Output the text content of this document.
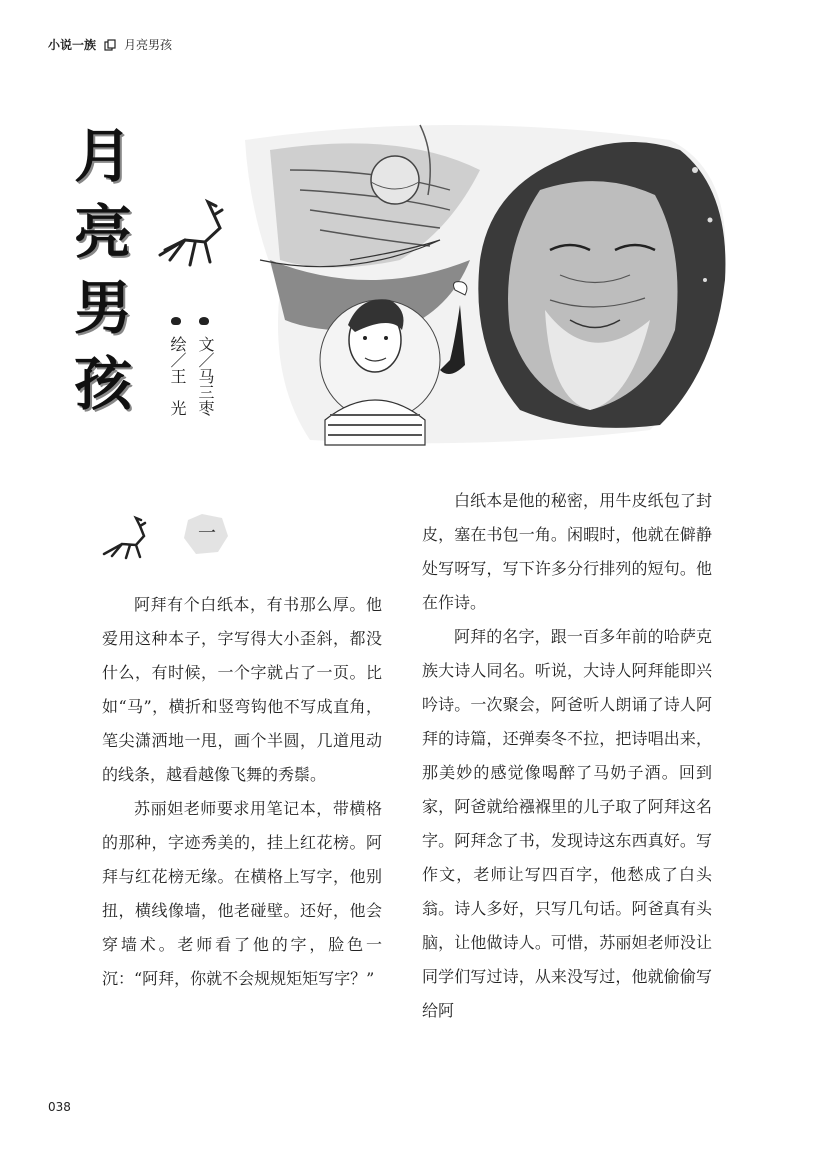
小说一族 月亮男孩
月
亮
男
孩	文／马三枣
绘／王　光
一

阿拜有个白纸本，有书那么厚。他爱用这种本子，字写得大小歪斜，都没什么，有时候，一个字就占了一页。比如“马”，横折和竖弯钩他不写成直角，笔尖潇洒地一甩，画个半圆，几道甩动的线条，越看越像飞舞的秀鬃。

苏丽妲老师要求用笔记本，带横格的那种，字迹秀美的，挂上红花榜。阿拜与红花榜无缘。在横格上写字，他别扭，横线像墙，他老碰壁。还好，他会穿墙术。老师看了他的字，脸色一沉：“阿拜，你就不会规规矩矩写字？”

白纸本是他的秘密，用牛皮纸包了封皮，塞在书包一角。闲暇时，他就在僻静处写呀写，写下许多分行排列的短句。他在作诗。

阿拜的名字，跟一百多年前的哈萨克族大诗人同名。听说，大诗人阿拜能即兴吟诗。一次聚会，阿爸听人朗诵了诗人阿拜的诗篇，还弹奏冬不拉，把诗唱出来，那美妙的感觉像喝醉了马奶子酒。回到家，阿爸就给襁褓里的儿子取了阿拜这名字。阿拜念了书，发现诗这东西真好。写作文，老师让写四百字，他愁成了白头翁。诗人多好，只写几句话。阿爸真有头脑，让他做诗人。可惜，苏丽妲老师没让同学们写过诗，从来没写过，他就偷偷写给阿

038
